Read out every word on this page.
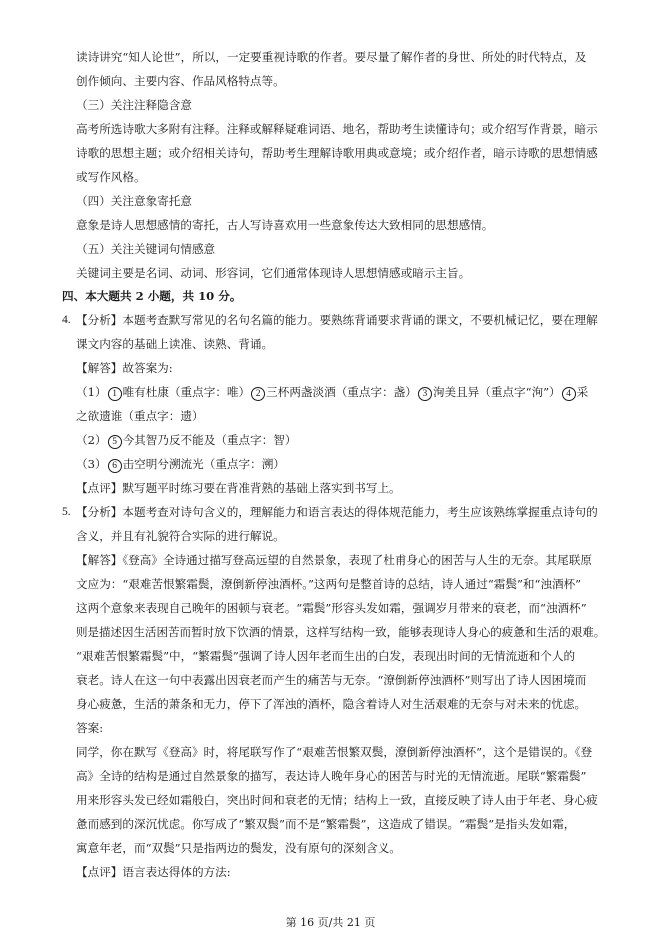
读诗讲究“知人论世”，所以，一定要重视诗歌的作者。要尽量了解作者的身世、所处的时代特点，及
创作倾向、主要内容、作品风格特点等。
（三）关注注释隐含意
高考所选诗歌大多附有注释。注释或解释疑难词语、地名，帮助考生读懂诗句；或介绍写作背景，暗示
诗歌的思想主题；或介绍相关诗句，帮助考生理解诗歌用典或意境；或介绍作者，暗示诗歌的思想情感
或写作风格。
（四）关注意象寄托意
意象是诗人思想感情的寄托，古人写诗喜欢用一些意象传达大致相同的思想感情。
（五）关注关键词句情感意
关键词主要是名词、动词、形容词，它们通常体现诗人思想情感或暗示主旨。
四、本大题共 2 小题，共 10 分。
4. 【分析】本题考查默写常见的名句名篇的能力。要熟练背诵要求背诵的课文，不要机械记忆，要在理解
课文内容的基础上读准、读熟、背诵。
【解答】故答案为:
（1） 1 唯有杜康（重点字：唯） 2 三杯两盏淡酒（重点字：盏） 3 洵美且异（重点字“洵”） 4 采
之欲遗谁（重点字：遗）
（2） 5 今其智乃反不能及（重点字：智）
（3） 6 击空明兮溯流光（重点字：溯）
【点评】默写题平时练习要在背准背熟的基础上落实到书写上。
5. 【分析】本题考查对诗句含义的，理解能力和语言表达的得体规范能力，考生应该熟练掌握重点诗句的
含义，并且有礼貌符合实际的进行解说。
【解答】《登高》全诗通过描写登高远望的自然景象，表现了杜甫身心的困苦与人生的无奈。其尾联原
文应为：“艰难苦恨繁霜鬓，潦倒新停浊酒杯。”这两句是整首诗的总结，诗人通过“霜鬓”和“浊酒杯”
这两个意象来表现自己晚年的困顿与衰老。“霜鬓”形容头发如霜，强调岁月带来的衰老，而“浊酒杯”
则是描述因生活困苦而暂时放下饮酒的情景，这样写结构一致，能够表现诗人身心的疲惫和生活的艰难。
“艰难苦恨繁霜鬓”中，“繁霜鬓”强调了诗人因年老而生出的白发，表现出时间的无情流逝和个人的
衰老。诗人在这一句中表露出因衰老而产生的痛苦与无奈。“潦倒新停浊酒杯”则写出了诗人因困境而
身心疲惫，生活的萧条和无力，停下了浑浊的酒杯，隐含着诗人对生活艰难的无奈与对未来的忧虑。
答案:
同学，你在默写《登高》时，将尾联写作了“艰难苦恨繁双鬓，潦倒新停浊酒杯”，这个是错误的。《登
高》全诗的结构是通过自然景象的描写，表达诗人晚年身心的困苦与时光的无情流逝。尾联“繁霜鬓”
用来形容头发已经如霜般白，突出时间和衰老的无情；结构上一致，直接反映了诗人由于年老、身心疲
惫而感到的深沉忧虑。你写成了“繁双鬓”而不是“繁霜鬓”，这造成了错误。“霜鬓”是指头发如霜，
寓意年老，而“双鬓”只是指两边的鬓发，没有原句的深刻含义。
【点评】语言表达得体的方法:
第 16 页/共 21 页
